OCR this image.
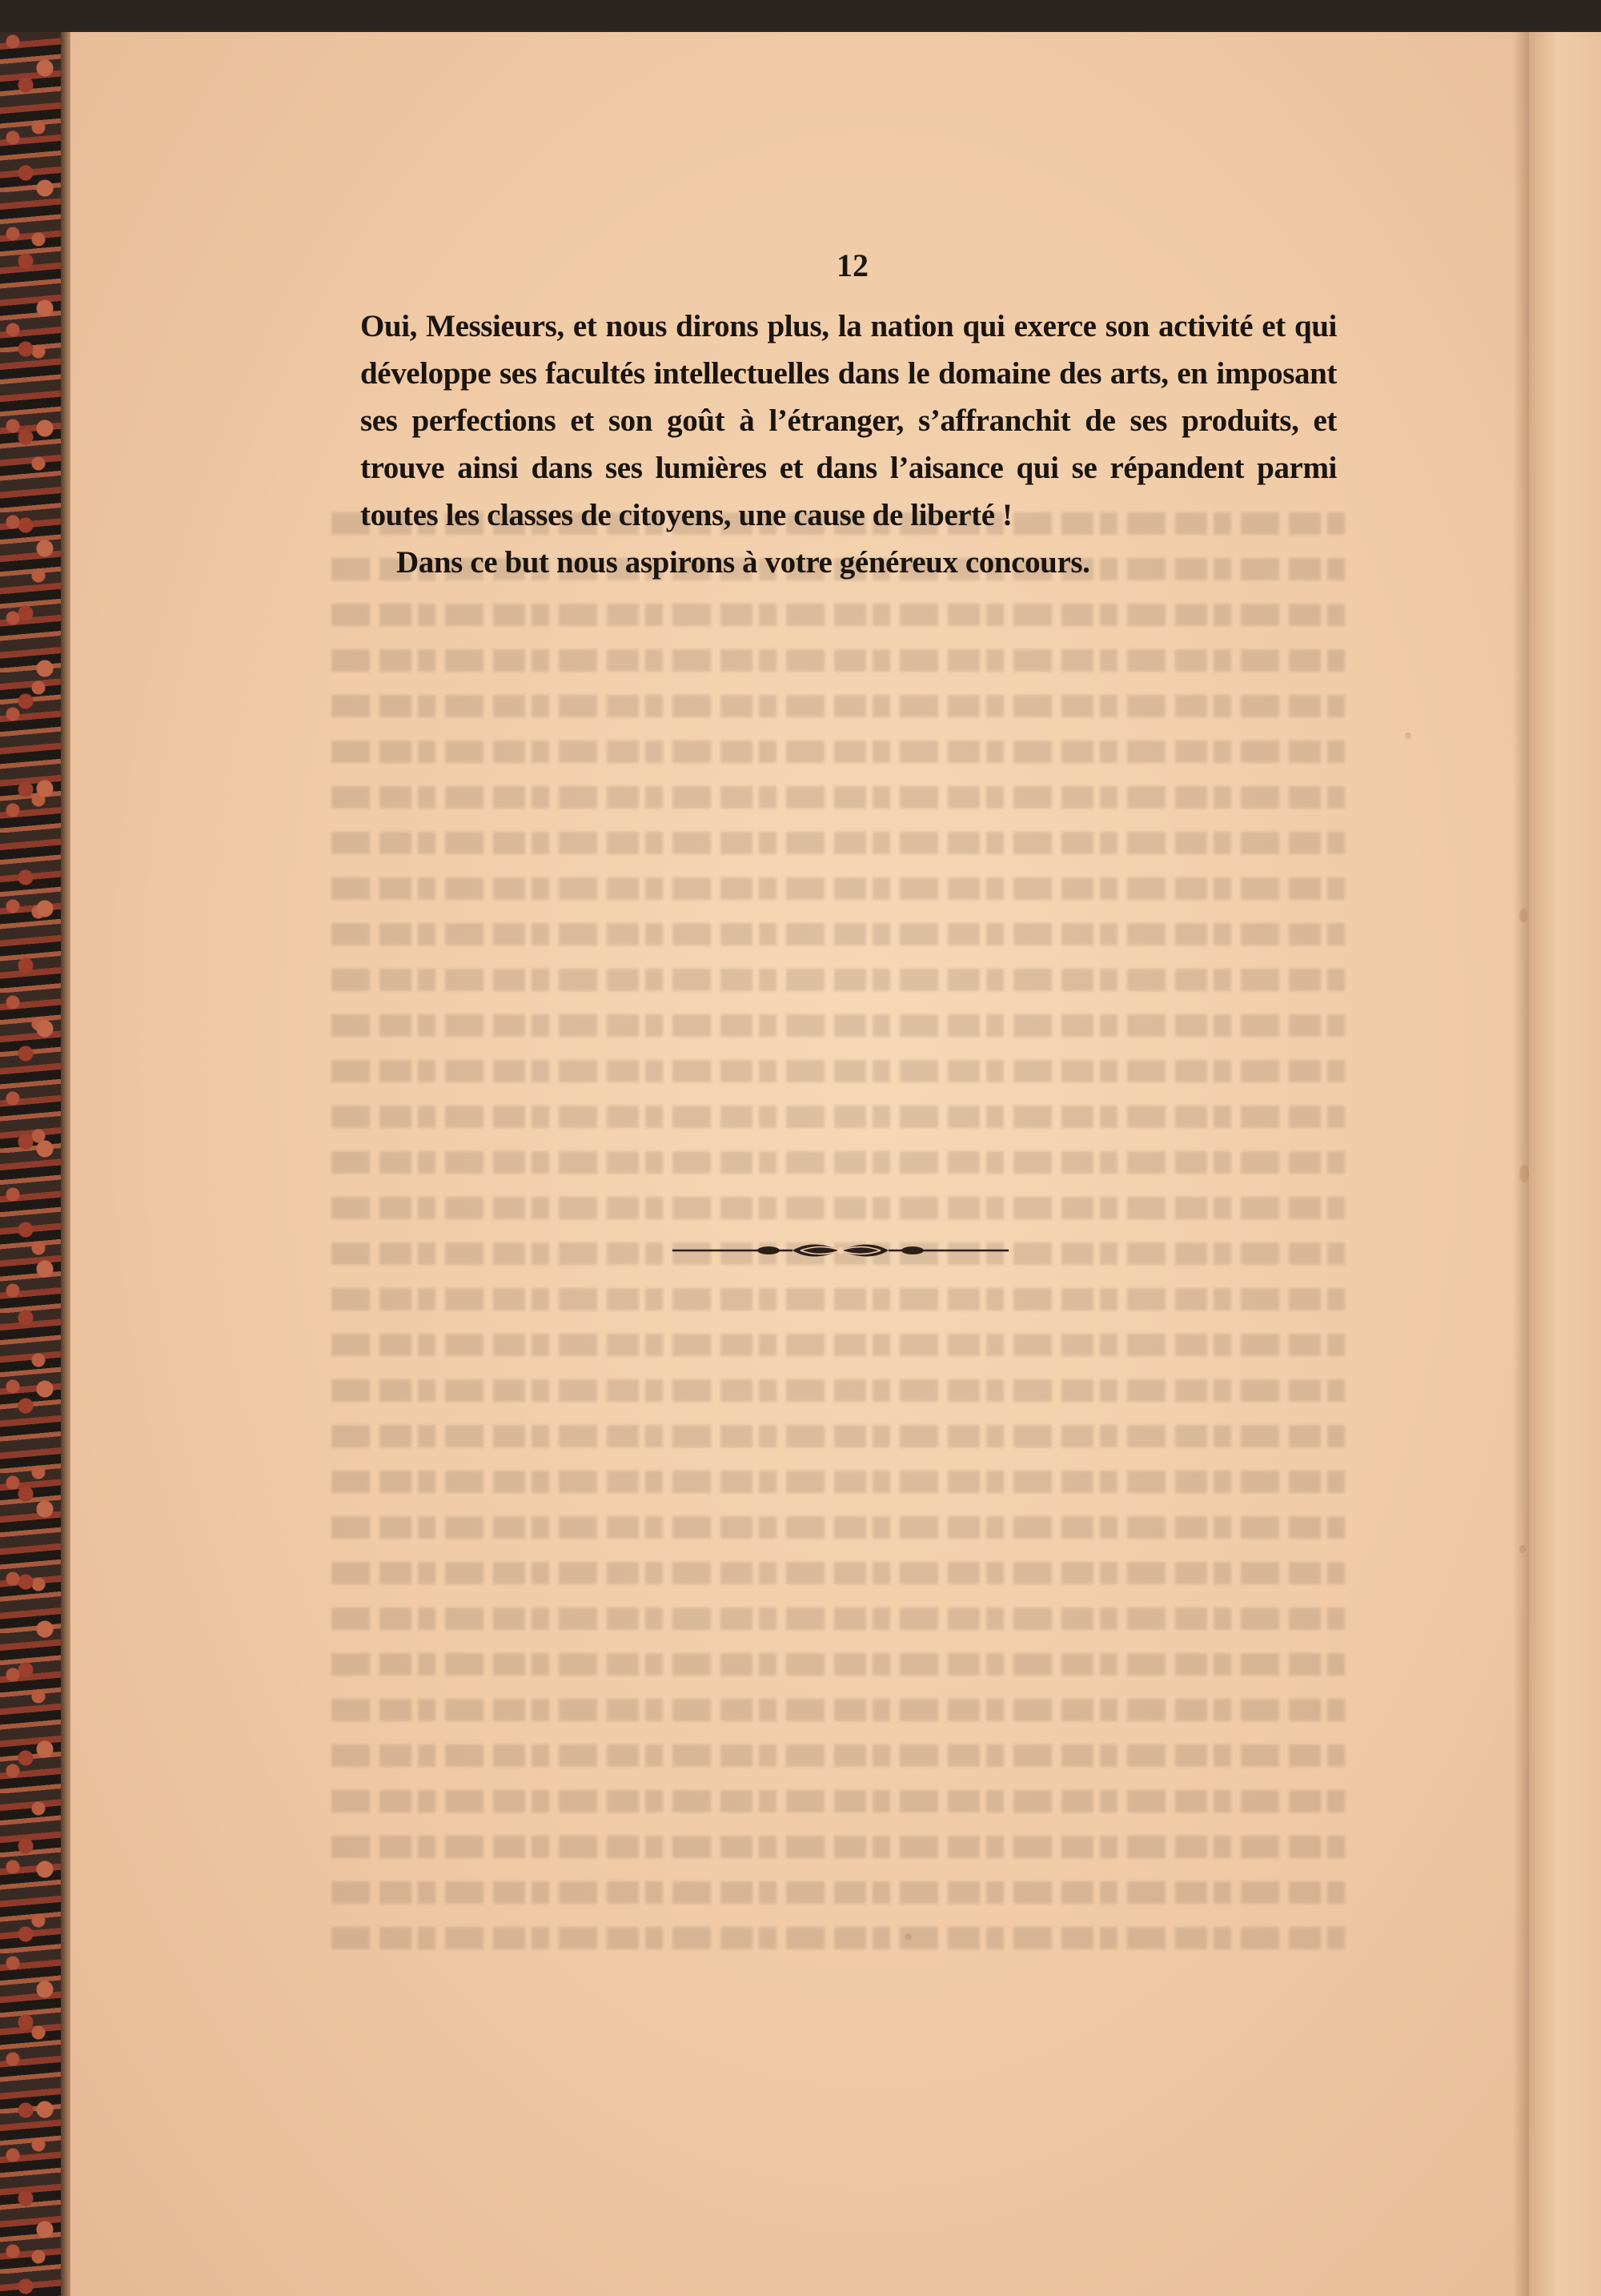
12

Oui, Messieurs, et nous dirons plus, la nation qui exerce son activité et qui développe ses facultés intellectuelles dans le domaine des arts, en imposant ses perfections et son goût à l’étranger, s’affranchit de ses produits, et trouve ainsi dans ses lumières et dans l’aisance qui se répandent parmi toutes les classes de citoyens, une cause de liberté !

Dans ce but nous aspirons à votre généreux concours.
